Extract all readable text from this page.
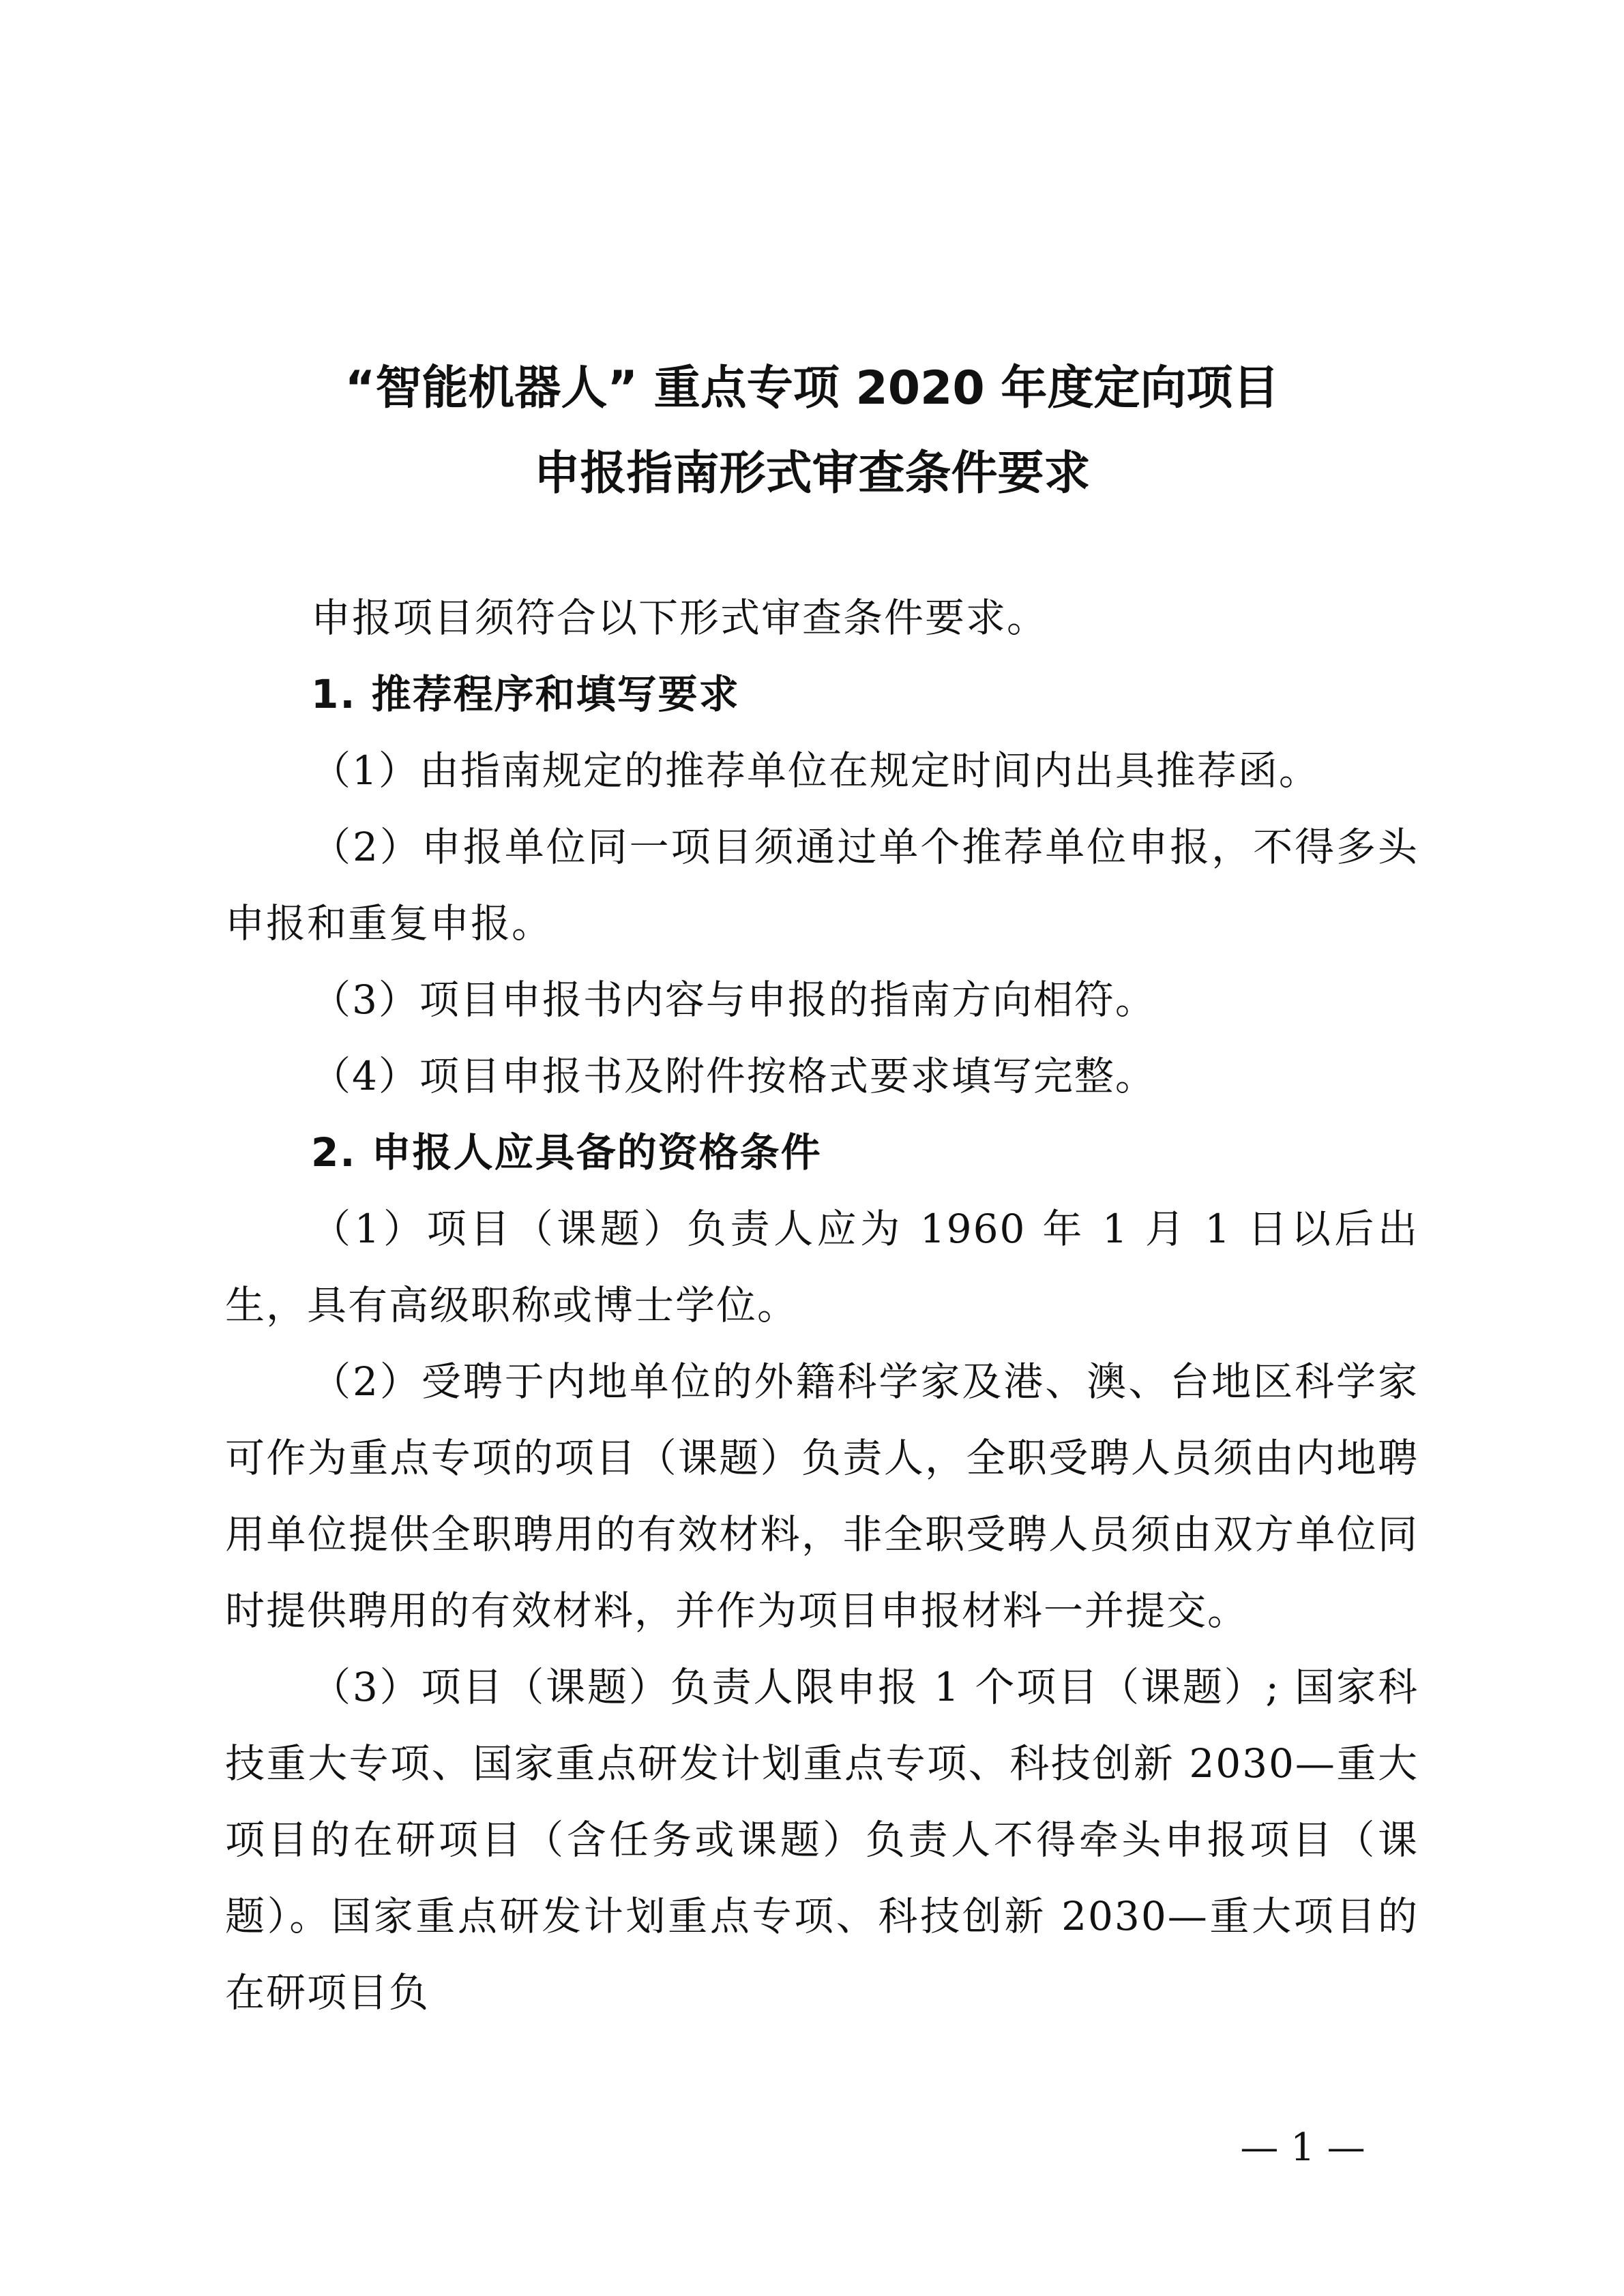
“智能机器人” 重点专项 2020 年度定向项目
申报指南形式审查条件要求

申报项目须符合以下形式审查条件要求。

1. 推荐程序和填写要求

（1）由指南规定的推荐单位在规定时间内出具推荐函。

（2）申报单位同一项目须通过单个推荐单位申报，不得多头申报和重复申报。

（3）项目申报书内容与申报的指南方向相符。

（4）项目申报书及附件按格式要求填写完整。

2. 申报人应具备的资格条件

（1）项目（课题）负责人应为 1960 年 1 月 1 日以后出生，具有高级职称或博士学位。

（2）受聘于内地单位的外籍科学家及港、澳、台地区科学家可作为重点专项的项目（课题）负责人，全职受聘人员须由内地聘用单位提供全职聘用的有效材料，非全职受聘人员须由双方单位同时提供聘用的有效材料，并作为项目申报材料一并提交。

（3）项目（课题）负责人限申报 1 个项目（课题）; 国家科技重大专项、国家重点研发计划重点专项、科技创新 2030—重大项目的在研项目（含任务或课题）负责人不得牵头申报项目（课题）。国家重点研发计划重点专项、科技创新 2030—重大项目的在研项目负

— 1 —
